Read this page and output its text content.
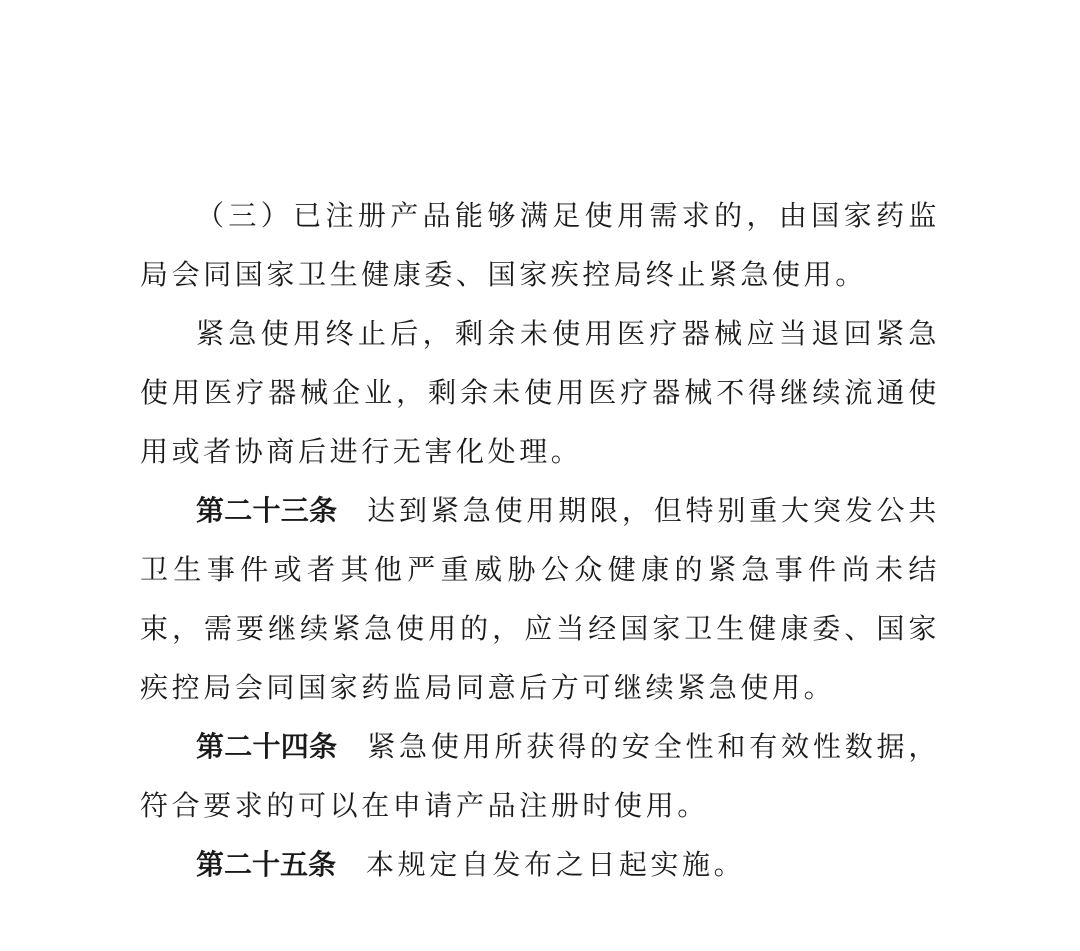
（三）已注册产品能够满足使用需求的，由国家药监局会同国家卫生健康委、国家疾控局终止紧急使用。

紧急使用终止后，剩余未使用医疗器械应当退回紧急使用医疗器械企业，剩余未使用医疗器械不得继续流通使用或者协商后进行无害化处理。

第二十三条 达到紧急使用期限，但特别重大突发公共卫生事件或者其他严重威胁公众健康的紧急事件尚未结束，需要继续紧急使用的，应当经国家卫生健康委、国家疾控局会同国家药监局同意后方可继续紧急使用。

第二十四条 紧急使用所获得的安全性和有效性数据，符合要求的可以在申请产品注册时使用。

第二十五条 本规定自发布之日起实施。
